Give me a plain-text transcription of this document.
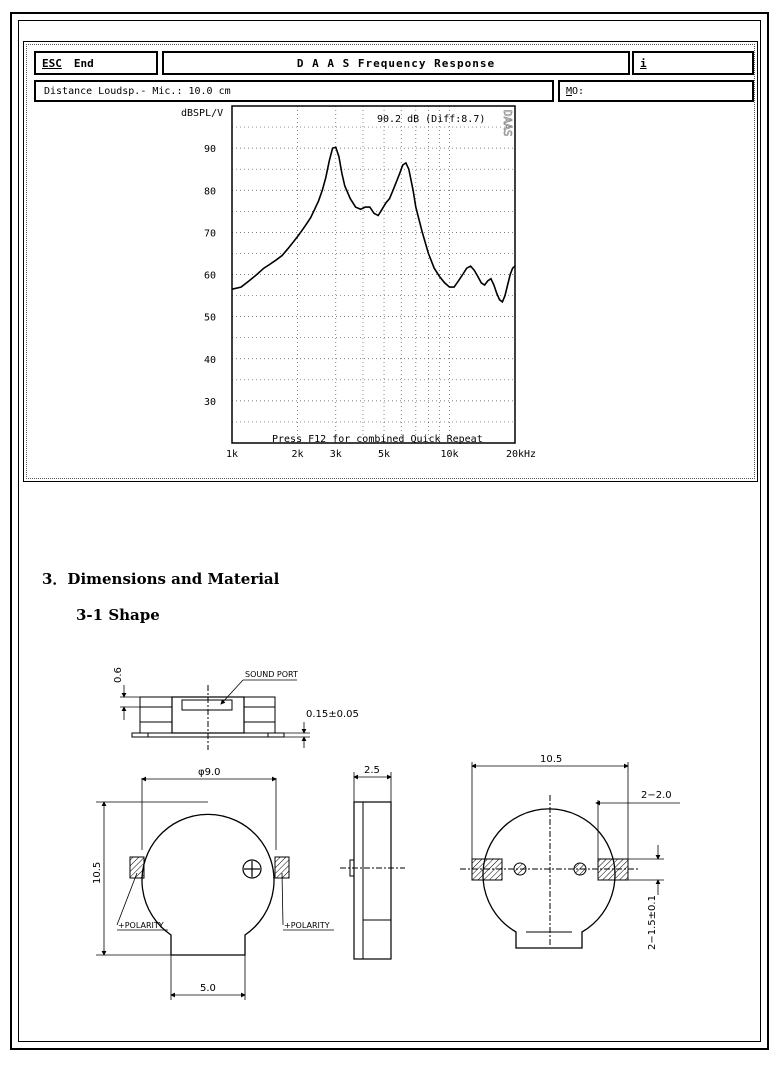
ESC End	D A A S Frequency Response	i
Distance Loudsp.- Mic.: 10.0 cm	M O:
30
40
50
60
70
80
90
1k	2k	3k	5k	10k	20kHz
dBSPL/V
90.2 dB (Diff:8.7)
Press F12 for combined Quick Repeat
DAAS
3．Dimensions and Material
3-1 Shape
0.6	SOUND PORT
0.15±0.05
φ9.0
10.5
+POLARITY	+POLARITY
5.0
2.5
10.5
2−2.0
2−1.5±0.1
